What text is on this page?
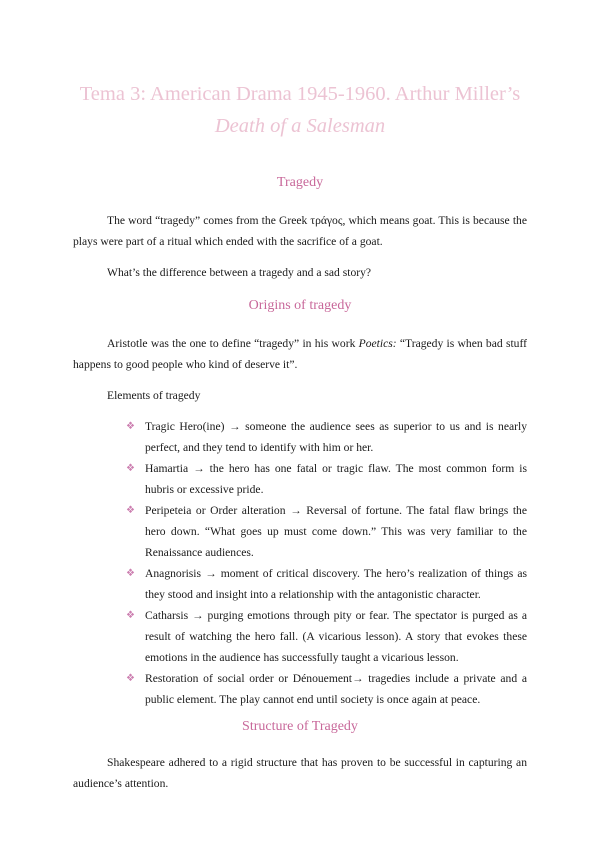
Tema 3: American Drama 1945-1960. Arthur Miller’s
Death of a Salesman
Tragedy

The word “tragedy” comes from the Greek τράγος, which means goat. This is because the plays were part of a ritual which ended with the sacrifice of a goat.

What’s the difference between a tragedy and a sad story?

Origins of tragedy

Aristotle was the one to define “tragedy” in his work Poetics: “Tragedy is when bad stuff happens to good people who kind of deserve it”.

Elements of tragedy

❖ Tragic Hero(ine) → someone the audience sees as superior to us and is nearly perfect, and they tend to identify with him or her.
❖ Hamartia → the hero has one fatal or tragic flaw. The most common form is hubris or excessive pride.
❖ Peripeteia or Order alteration → Reversal of fortune. The fatal flaw brings the hero down. “What goes up must come down.” This was very familiar to the Renaissance audiences.
❖ Anagnorisis → moment of critical discovery. The hero’s realization of things as they stood and insight into a relationship with the antagonistic character.
❖ Catharsis → purging emotions through pity or fear. The spectator is purged as a result of watching the hero fall. (A vicarious lesson). A story that evokes these emotions in the audience has successfully taught a vicarious lesson.
❖ Restoration of social order or Dénouement→ tragedies include a private and a public element. The play cannot end until society is once again at peace.
Structure of Tragedy

Shakespeare adhered to a rigid structure that has proven to be successful in capturing an audience’s attention.
